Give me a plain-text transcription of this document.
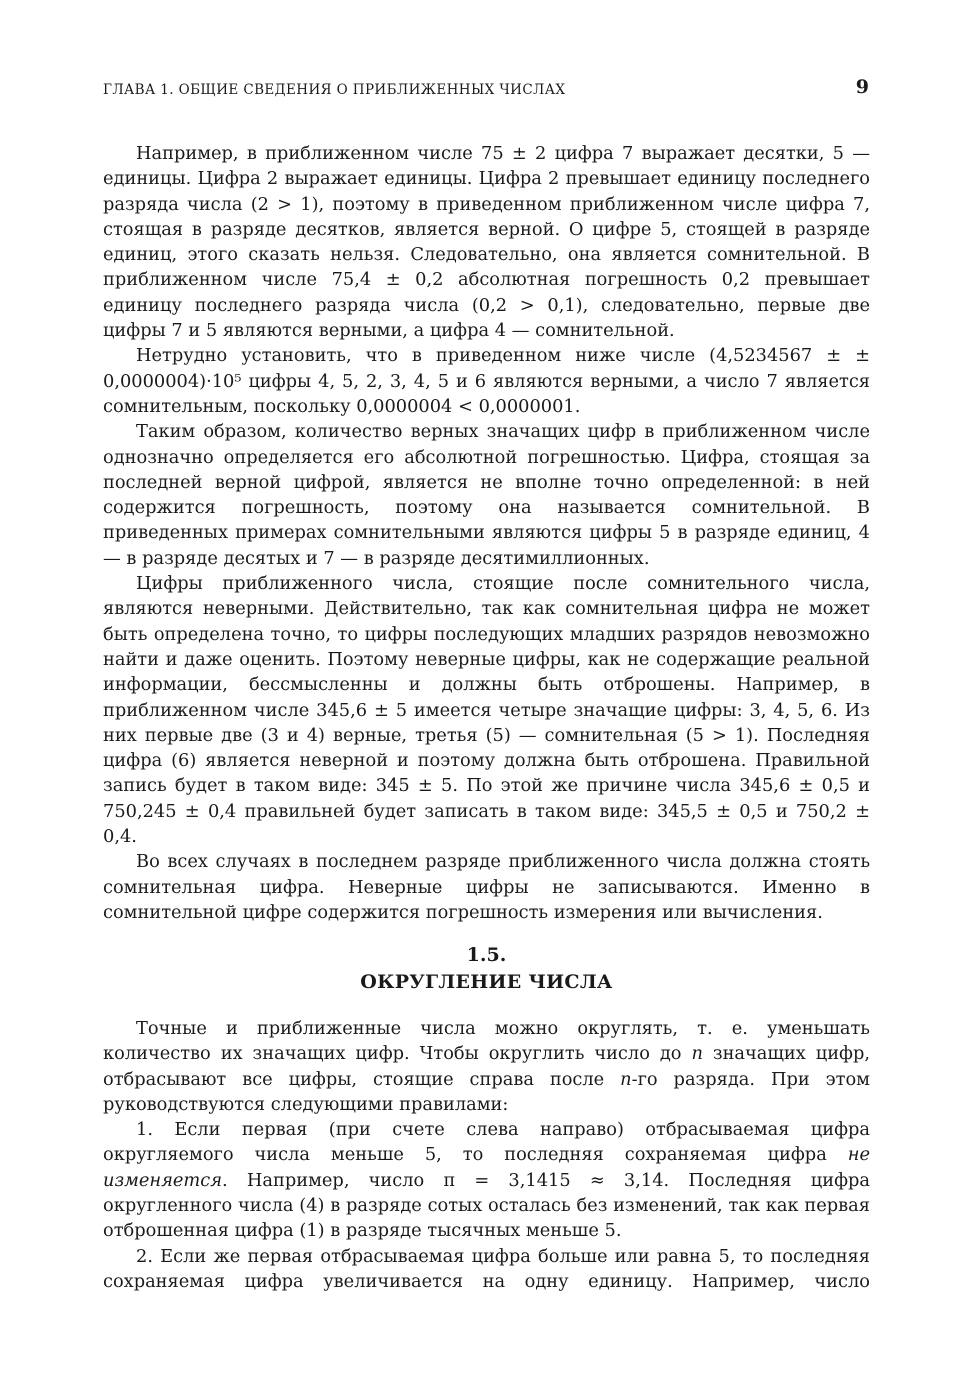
ГЛАВА 1. ОБЩИЕ СВЕДЕНИЯ О ПРИБЛИЖЕННЫХ ЧИСЛАХ	9

Например, в приближенном числе 75 ± 2 цифра 7 выражает десятки, 5 — единицы. Цифра 2 выражает единицы. Цифра 2 превышает единицу последнего разряда числа (2 > 1), поэтому в приведенном приближенном числе цифра 7, стоящая в разряде десятков, является верной. О цифре 5, стоящей в разряде единиц, этого сказать нельзя. Следовательно, она является сомнительной. В приближенном числе 75,4 ± 0,2 абсолютная погрешность 0,2 превышает единицу последнего разряда числа (0,2 > 0,1), следовательно, первые две цифры 7 и 5 являются верными, а цифра 4 — сомнительной.

Нетрудно установить, что в приведенном ниже числе (4,5234567 ± ± 0,0000004)·10⁵ цифры 4, 5, 2, 3, 4, 5 и 6 являются верными, а число 7 является сомнительным, поскольку 0,0000004 < 0,0000001.

Таким образом, количество верных значащих цифр в приближенном числе однозначно определяется его абсолютной погрешностью. Цифра, стоящая за последней верной цифрой, является не вполне точно определенной: в ней содержится погрешность, поэтому она называется сомнительной. В приведенных примерах сомнительными являются цифры 5 в разряде единиц, 4 — в разряде десятых и 7 — в разряде десятимиллионных.

Цифры приближенного числа, стоящие после сомнительного числа, являются неверными. Действительно, так как сомнительная цифра не может быть определена точно, то цифры последующих младших разрядов невозможно найти и даже оценить. Поэтому неверные цифры, как не содержащие реальной информации, бессмысленны и должны быть отброшены. Например, в приближенном числе 345,6 ± 5 имеется четыре значащие цифры: 3, 4, 5, 6. Из них первые две (3 и 4) верные, третья (5) — сомнительная (5 > 1). Последняя цифра (6) является неверной и поэтому должна быть отброшена. Правильной запись будет в таком виде: 345 ± 5. По этой же причине числа 345,6 ± 0,5 и 750,245 ± 0,4 правильней будет записать в таком виде: 345,5 ± 0,5 и 750,2 ± 0,4.

Во всех случаях в последнем разряде приближенного числа должна стоять сомнительная цифра. Неверные цифры не записываются. Именно в сомнительной цифре содержится погрешность измерения или вычисления.

1.5.
ОКРУГЛЕНИЕ ЧИСЛА

Точные и приближенные числа можно округлять, т. е. уменьшать количество их значащих цифр. Чтобы округлить число до n значащих цифр, отбрасывают все цифры, стоящие справа после n-го разряда. При этом руководствуются следующими правилами:

1. Если первая (при счете слева направо) отбрасываемая цифра округляемого числа меньше 5, то последняя сохраняемая цифра не изменяется. Например, число π = 3,1415 ≈ 3,14. Последняя цифра округленного числа (4) в разряде сотых осталась без изменений, так как первая отброшенная цифра (1) в разряде тысячных меньше 5.

2. Если же первая отбрасываемая цифра больше или равна 5, то последняя сохраняемая цифра увеличивается на одну единицу. Например, число
